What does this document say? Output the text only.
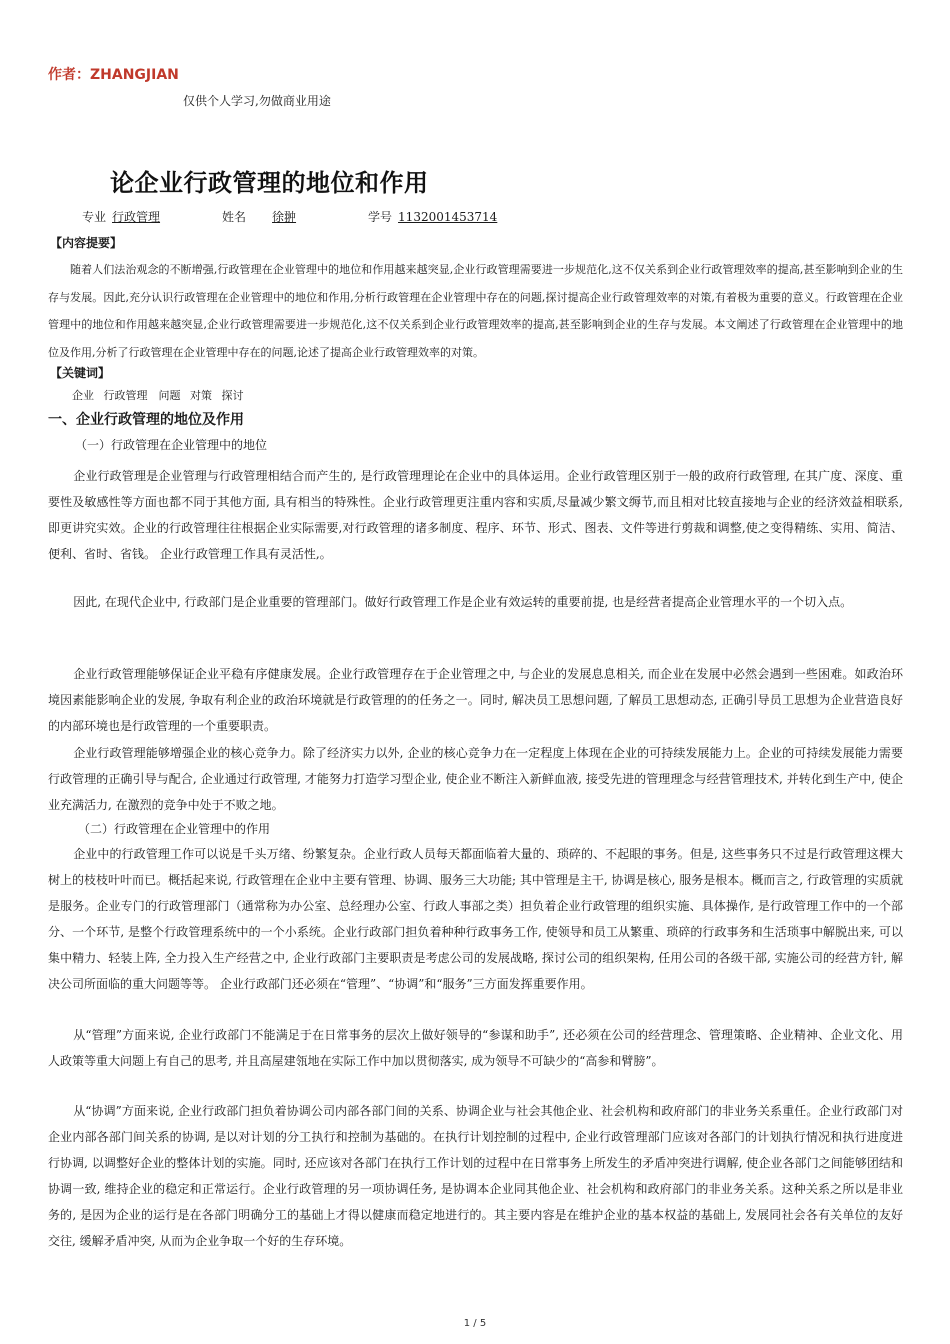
作者：ZHANGJIAN
仅供个人学习,勿做商业用途
论企业行政管理的地位和作用
专业 行政管理	姓名 徐翀	学号 1132001453714
【内容提要】

随着人们法治观念的不断增强,行政管理在企业管理中的地位和作用越来越突显,企业行政管理需要进一步规范化,这不仅关系到企业行政管理效率的提高,甚至影响到企业的生存与发展。因此,充分认识行政管理在企业管理中的地位和作用,分析行政管理在企业管理中存在的问题,探讨提高企业行政管理效率的对策,有着极为重要的意义。行政管理在企业管理中的地位和作用越来越突显,企业行政管理需要进一步规范化,这不仅关系到企业行政管理效率的提高,甚至影响到企业的生存与发展。本文阐述了行政管理在企业管理中的地位及作用,分析了行政管理在企业管理中存在的问题,论述了提高企业行政管理效率的对策。

【关键词】
企业 行政管理　问题 对策 探讨
一、企业行政管理的地位及作用
（一）行政管理在企业管理中的地位

企业行政管理是企业管理与行政管理相结合而产生的, 是行政管理理论在企业中的具体运用。企业行政管理区别于一般的政府行政管理, 在其广度、深度、重要性及敏感性等方面也都不同于其他方面, 具有相当的特殊性。企业行政管理更注重内容和实质,尽量减少繁文缛节,而且相对比较直接地与企业的经济效益相联系,即更讲究实效。企业的行政管理往往根据企业实际需要,对行政管理的诸多制度、程序、环节、形式、图表、文件等进行剪裁和调整,使之变得精练、实用、简洁、便利、省时、省钱。 企业行政管理工作具有灵活性,。

因此, 在现代企业中, 行政部门是企业重要的管理部门。做好行政管理工作是企业有效运转的重要前提, 也是经营者提高企业管理水平的一个切入点。

企业行政管理能够保证企业平稳有序健康发展。企业行政管理存在于企业管理之中, 与企业的发展息息相关, 而企业在发展中必然会遇到一些困难。如政治环境因素能影响企业的发展, 争取有利企业的政治环境就是行政管理的的任务之一。同时, 解决员工思想问题, 了解员工思想动态, 正确引导员工思想为企业营造良好的内部环境也是行政管理的一个重要职责。

企业行政管理能够增强企业的核心竞争力。除了经济实力以外, 企业的核心竞争力在一定程度上体现在企业的可持续发展能力上。企业的可持续发展能力需要行政管理的正确引导与配合, 企业通过行政管理, 才能努力打造学习型企业, 使企业不断注入新鲜血液, 接受先进的管理理念与经营管理技术, 并转化到生产中, 使企业充满活力, 在激烈的竞争中处于不败之地。

（二）行政管理在企业管理中的作用

企业中的行政管理工作可以说是千头万绪、纷繁复杂。企业行政人员每天都面临着大量的、琐碎的、不起眼的事务。但是, 这些事务只不过是行政管理这棵大树上的枝枝叶叶而已。概括起来说, 行政管理在企业中主要有管理、协调、服务三大功能; 其中管理是主干, 协调是核心, 服务是根本。概而言之, 行政管理的实质就是服务。企业专门的行政管理部门（通常称为办公室、总经理办公室、行政人事部之类）担负着企业行政管理的组织实施、具体操作, 是行政管理工作中的一个部分、一个环节, 是整个行政管理系统中的一个小系统。企业行政部门担负着种种行政事务工作, 使领导和员工从繁重、琐碎的行政事务和生活琐事中解脱出来, 可以集中精力、轻装上阵, 全力投入生产经营之中, 企业行政部门主要职责是考虑公司的发展战略, 探讨公司的组织架构, 任用公司的各级干部, 实施公司的经营方针, 解决公司所面临的重大问题等等。 企业行政部门还必须在“管理”、“协调”和“服务”三方面发挥重要作用。

从“管理”方面来说, 企业行政部门不能满足于在日常事务的层次上做好领导的“参谋和助手”, 还必须在公司的经营理念、管理策略、企业精神、企业文化、用人政策等重大问题上有自己的思考, 并且高屋建瓴地在实际工作中加以贯彻落实, 成为领导不可缺少的“高参和臂膀”。

从“协调”方面来说, 企业行政部门担负着协调公司内部各部门间的关系、协调企业与社会其他企业、社会机构和政府部门的非业务关系重任。企业行政部门对企业内部各部门间关系的协调, 是以对计划的分工执行和控制为基础的。在执行计划控制的过程中, 企业行政管理部门应该对各部门的计划执行情况和执行进度进行协调, 以调整好企业的整体计划的实施。同时, 还应该对各部门在执行工作计划的过程中在日常事务上所发生的矛盾冲突进行调解, 使企业各部门之间能够团结和协调一致, 维持企业的稳定和正常运行。企业行政管理的另一项协调任务, 是协调本企业同其他企业、社会机构和政府部门的非业务关系。这种关系之所以是非业务的, 是因为企业的运行是在各部门明确分工的基础上才得以健康而稳定地进行的。其主要内容是在维护企业的基本权益的基础上, 发展同社会各有关单位的友好交往, 缓解矛盾冲突, 从而为企业争取一个好的生存环境。

1 / 5
